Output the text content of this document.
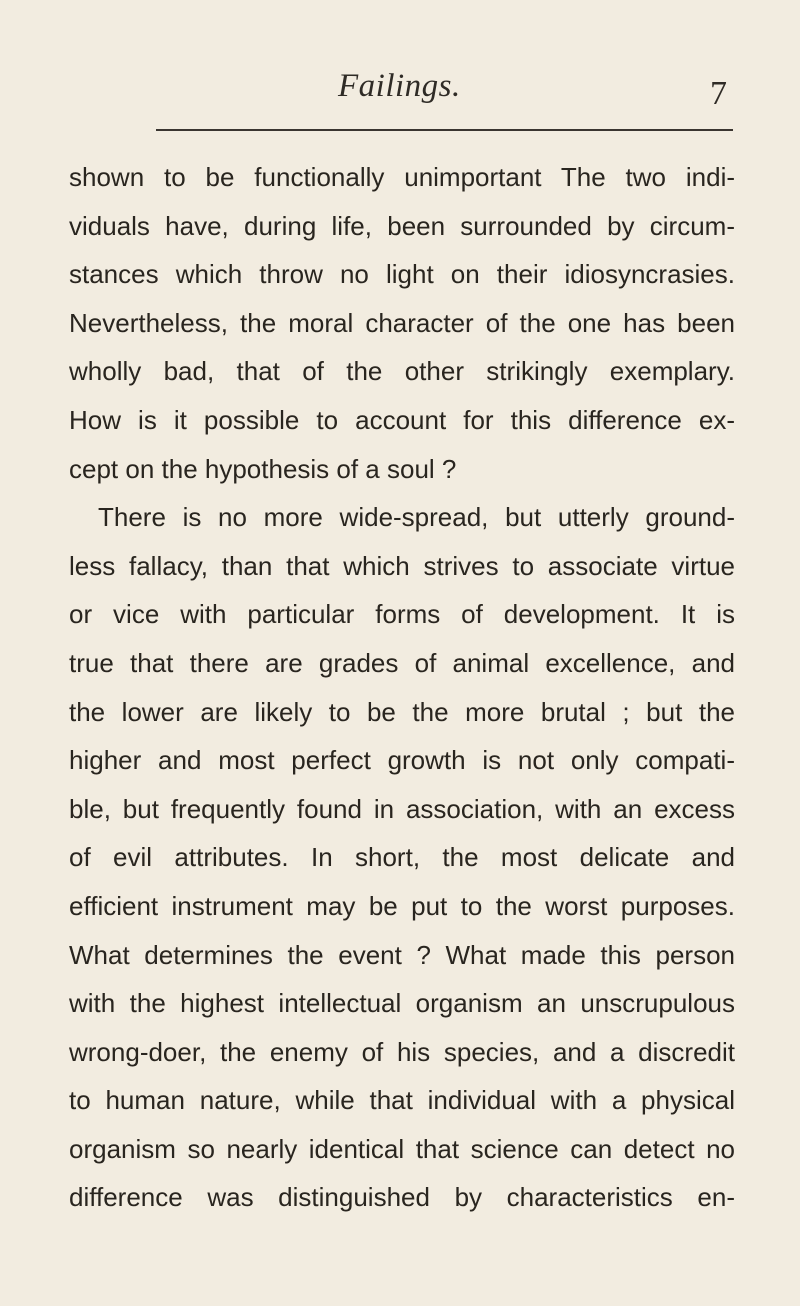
Failings.	7
shown to be functionally unimportant The two indi-
viduals have, during life, been surrounded by circum-
stances which throw no light on their idiosyncrasies.
Nevertheless, the moral character of the one has been
wholly bad, that of the other strikingly exemplary.
How is it possible to account for this difference ex-
cept on the hypothesis of a soul ?
There is no more wide-spread, but utterly ground-
less fallacy, than that which strives to associate virtue
or vice with particular forms of development. It is
true that there are grades of animal excellence, and
the lower are likely to be the more brutal ; but the
higher and most perfect growth is not only compati-
ble, but frequently found in association, with an excess
of evil attributes. In short, the most delicate and
efficient instrument may be put to the worst purposes.
What determines the event ? What made this person
with the highest intellectual organism an unscrupulous
wrong-doer, the enemy of his species, and a discredit
to human nature, while that individual with a physical
organism so nearly identical that science can detect no
difference was distinguished by characteristics en-
